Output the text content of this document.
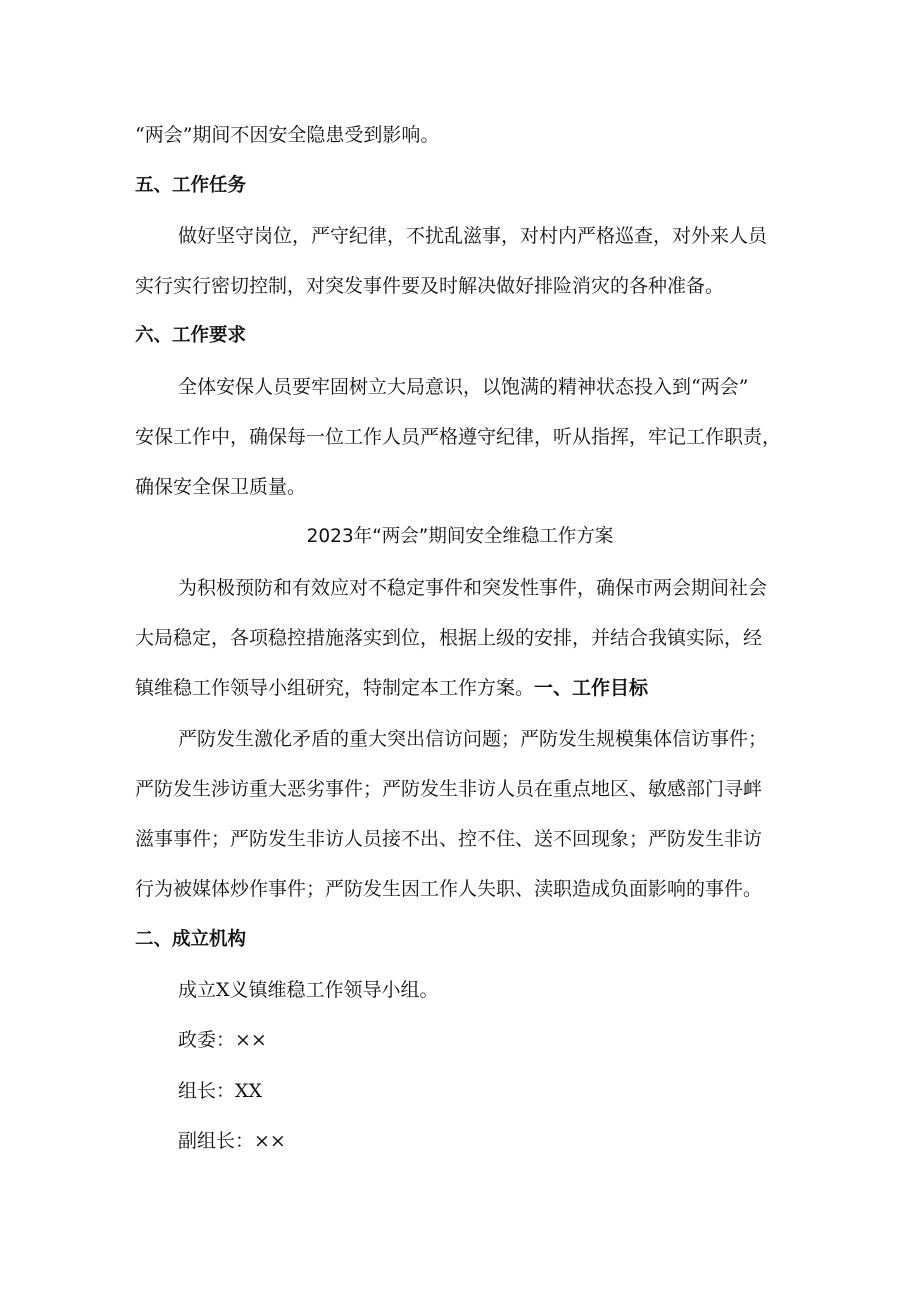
“两会”期间不因安全隐患受到影响。

五、工作任务

做好坚守岗位，严守纪律，不扰乱滋事，对村内严格巡查，对外来人员

实行实行密切控制，对突发事件要及时解决做好排险消灾的各种准备。

六、工作要求

全体安保人员要牢固树立大局意识，以饱满的精神状态投入到“两会”

安保工作中，确保每一位工作人员严格遵守纪律，听从指挥，牢记工作职责，

确保安全保卫质量。

2023年“两会”期间安全维稳工作方案

为积极预防和有效应对不稳定事件和突发性事件，确保市两会期间社会

大局稳定，各项稳控措施落实到位，根据上级的安排，并结合我镇实际，经

镇维稳工作领导小组研究，特制定本工作方案。一、工作目标

严防发生激化矛盾的重大突出信访问题；严防发生规模集体信访事件；

严防发生涉访重大恶劣事件；严防发生非访人员在重点地区、敏感部门寻衅

滋事事件；严防发生非访人员接不出、控不住、送不回现象；严防发生非访

行为被媒体炒作事件；严防发生因工作人失职、渎职造成负面影响的事件。

二、成立机构

成立X义镇维稳工作领导小组。

政委：××

组长：XX

副组长：××
